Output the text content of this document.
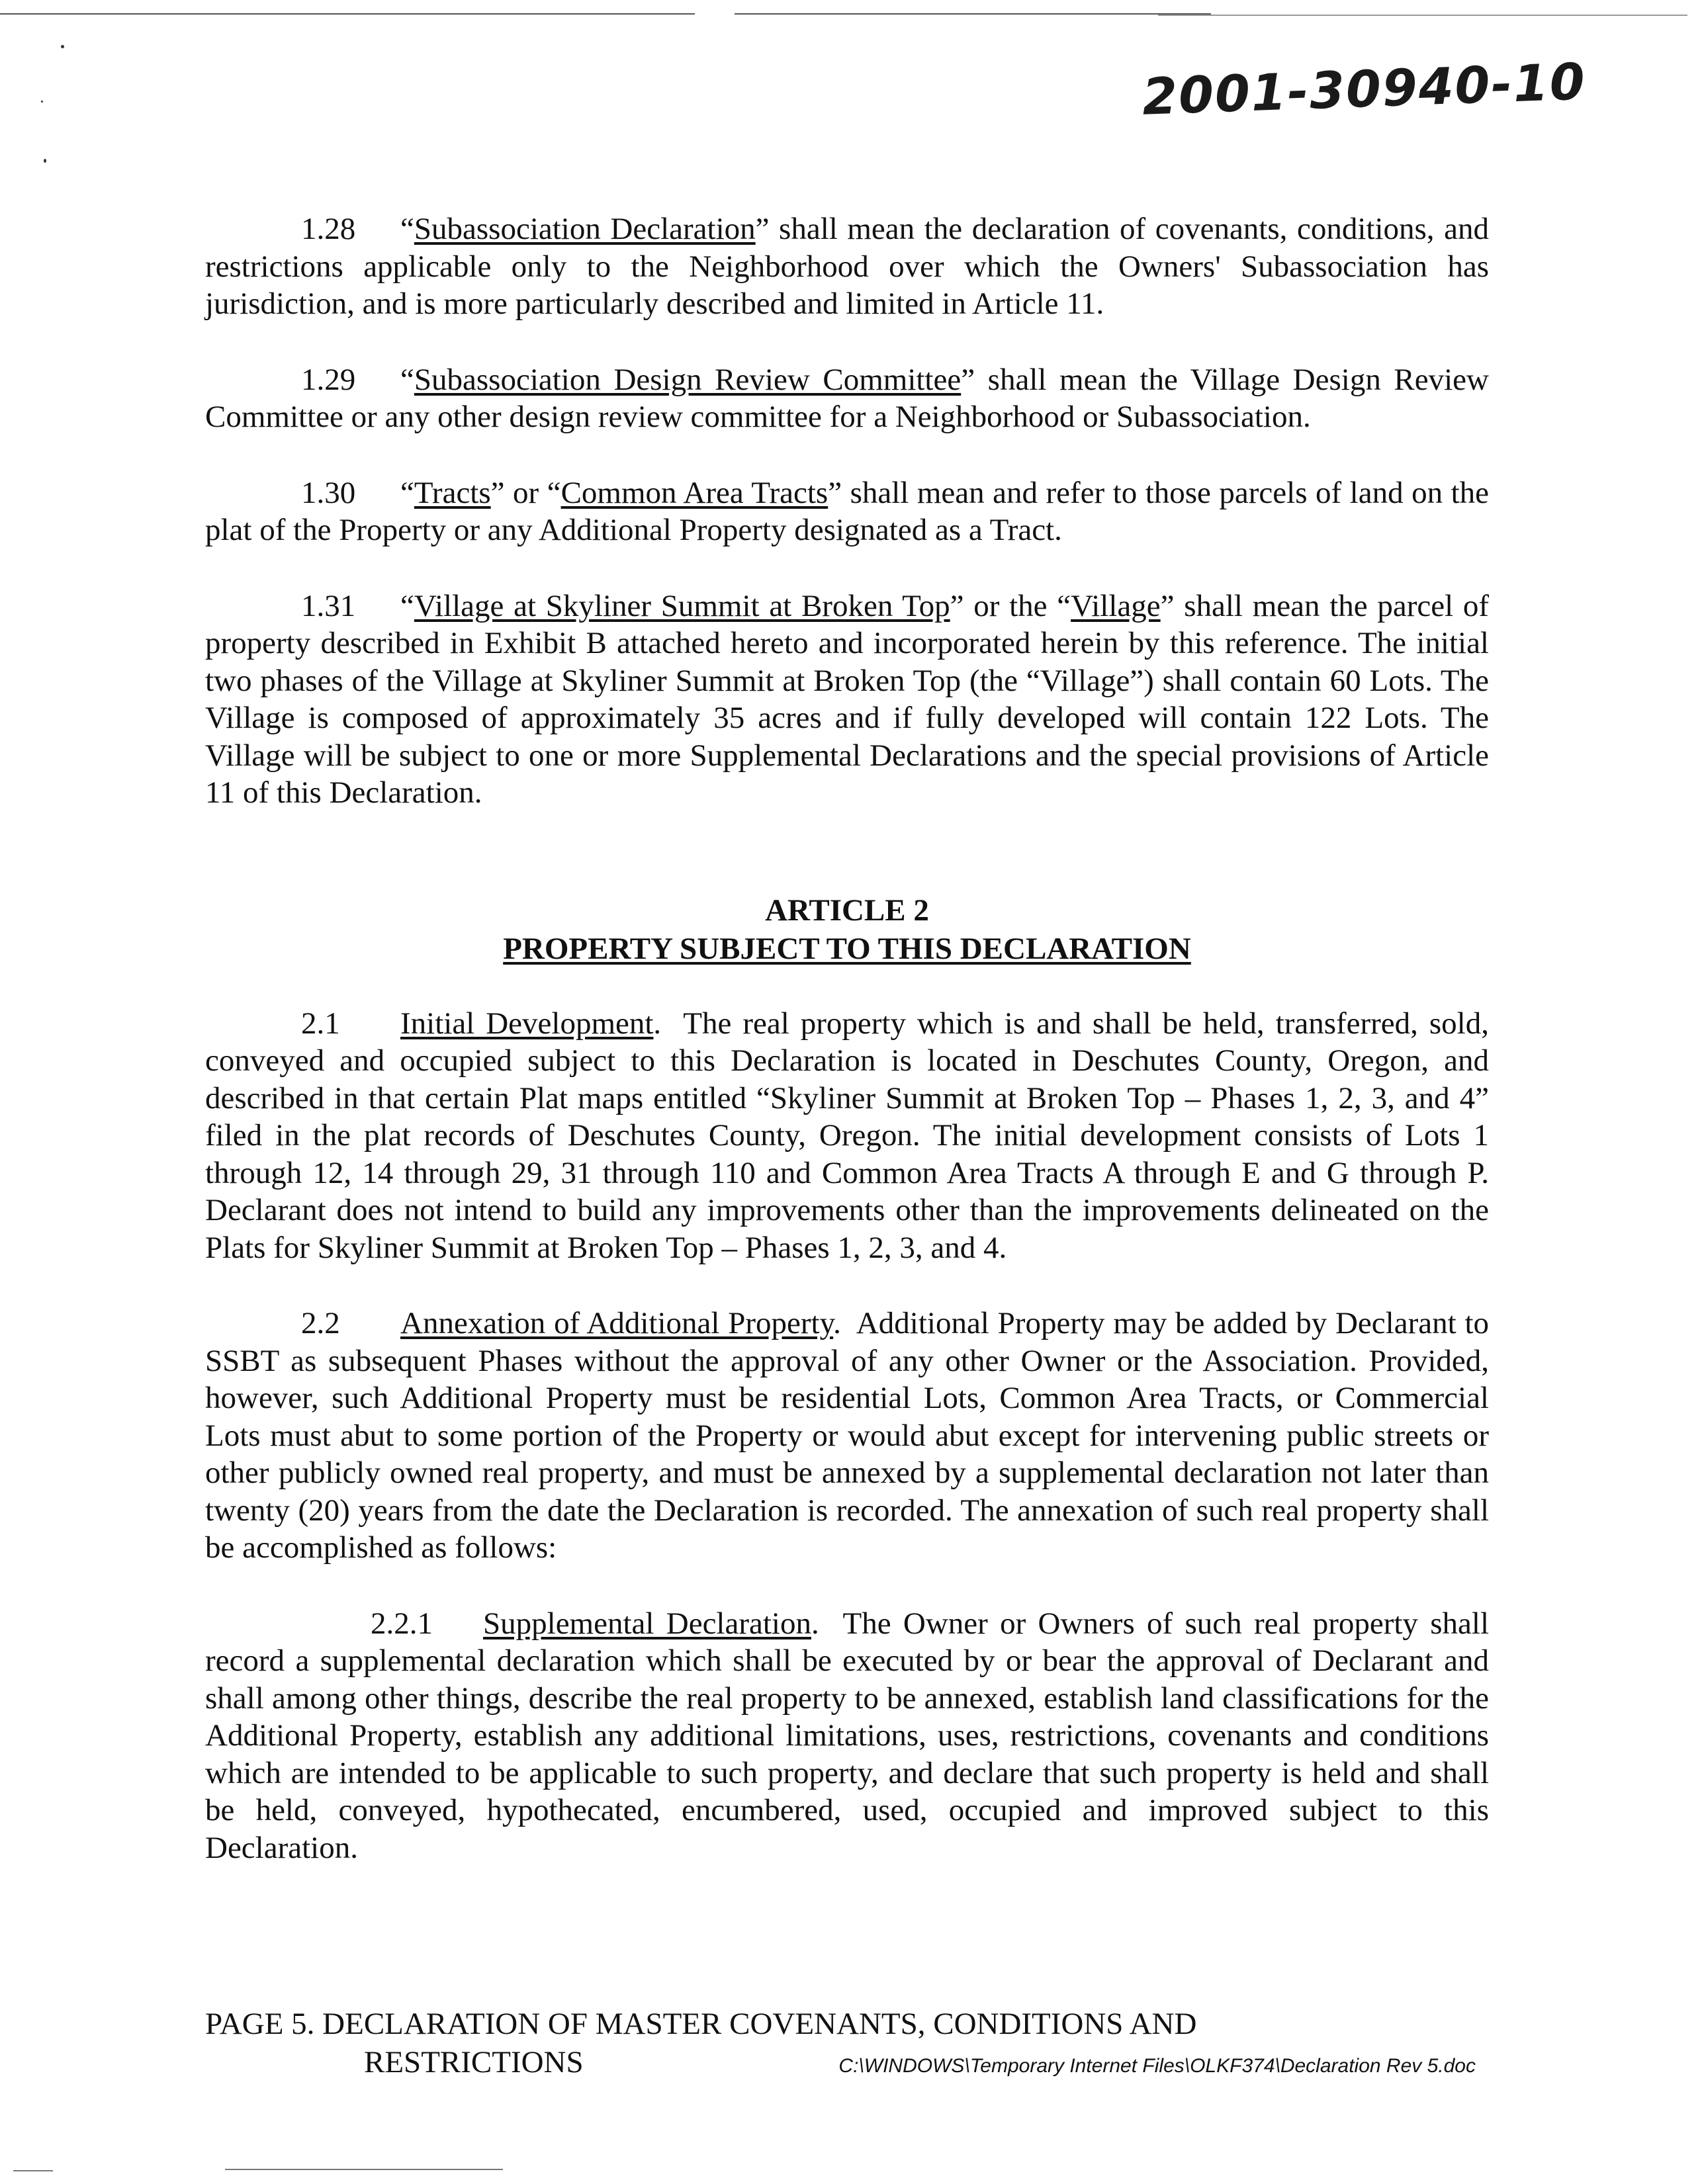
2001-30940-10

1.28 “Subassociation Declaration” shall mean the declaration of covenants, conditions, and restrictions applicable only to the Neighborhood over which the Owners' Subassociation has jurisdiction, and is more particularly described and limited in Article 11.

1.29 “Subassociation Design Review Committee” shall mean the Village Design Review Committee or any other design review committee for a Neighborhood or Subassociation.

1.30 “Tracts” or “Common Area Tracts” shall mean and refer to those parcels of land on the plat of the Property or any Additional Property designated as a Tract.

1.31 “Village at Skyliner Summit at Broken Top” or the “Village” shall mean the parcel of property described in Exhibit B attached hereto and incorporated herein by this reference. The initial two phases of the Village at Skyliner Summit at Broken Top (the “Village”) shall contain 60 Lots. The Village is composed of approximately 35 acres and if fully developed will contain 122 Lots. The Village will be subject to one or more Supplemental Declarations and the special provisions of Article 11 of this Declaration.

ARTICLE 2
PROPERTY SUBJECT TO THIS DECLARATION

2.1 Initial Development.  The real property which is and shall be held, transferred, sold, conveyed and occupied subject to this Declaration is located in Deschutes County, Oregon, and described in that certain Plat maps entitled “Skyliner Summit at Broken Top – Phases 1, 2, 3, and 4” filed in the plat records of Deschutes County, Oregon. The initial development consists of Lots 1 through 12, 14 through 29, 31 through 110 and Common Area Tracts A through E and G through P. Declarant does not intend to build any improvements other than the improvements delineated on the Plats for Skyliner Summit at Broken Top – Phases 1, 2, 3, and 4.

2.2 Annexation of Additional Property.  Additional Property may be added by Declarant to SSBT as subsequent Phases without the approval of any other Owner or the Association. Provided, however, such Additional Property must be residential Lots, Common Area Tracts, or Commercial Lots must abut to some portion of the Property or would abut except for intervening public streets or other publicly owned real property, and must be annexed by a supplemental declaration not later than twenty (20) years from the date the Declaration is recorded. The annexation of such real property shall be accomplished as follows:

2.2.1 Supplemental Declaration.  The Owner or Owners of such real property shall record a supplemental declaration which shall be executed by or bear the approval of Declarant and shall among other things, describe the real property to be annexed, establish land classifications for the Additional Property, establish any additional limitations, uses, restrictions, covenants and conditions which are intended to be applicable to such property, and declare that such property is held and shall be held, conveyed, hypothecated, encumbered, used, occupied and improved subject to this Declaration.

PAGE 5. DECLARATION OF MASTER COVENANTS, CONDITIONS AND
RESTRICTIONS	C:\WINDOWS\Temporary Internet Files\OLKF374\Declaration Rev 5.doc
